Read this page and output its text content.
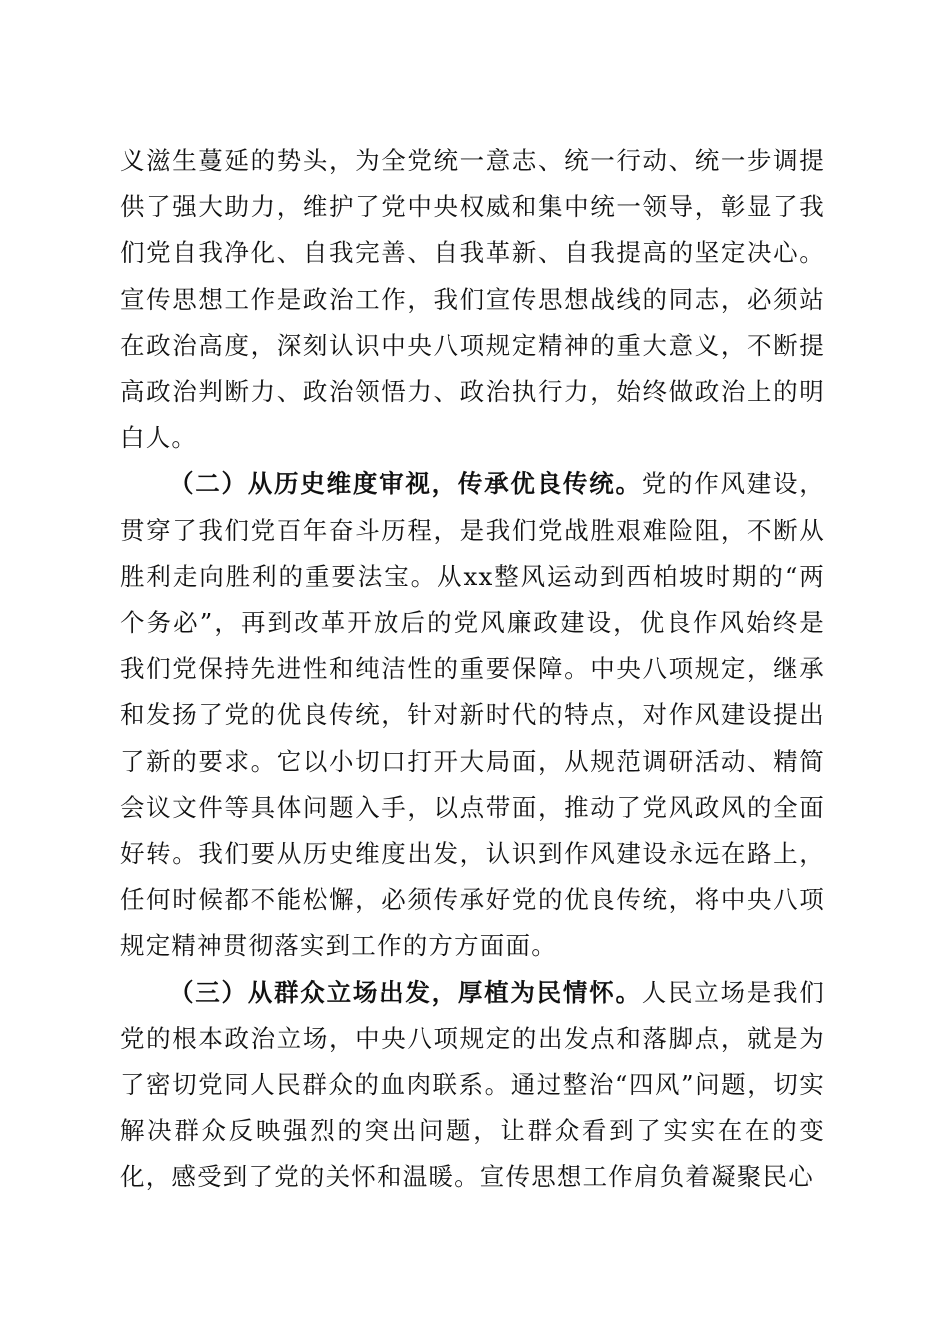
义滋生蔓延的势头，为全党统一意志、统一行动、统一步调提供了强大助力，维护了党中央权威和集中统一领导，彰显了我们党自我净化、自我完善、自我革新、自我提高的坚定决心。宣传思想工作是政治工作，我们宣传思想战线的同志，必须站在政治高度，深刻认识中央八项规定精神的重大意义，不断提高政治判断力、政治领悟力、政治执行力，始终做政治上的明白人。

（二）从历史维度审视，传承优良传统。党的作风建设，贯穿了我们党百年奋斗历程，是我们党战胜艰难险阻，不断从胜利走向胜利的重要法宝。从xx整风运动到西柏坡时期的“两个务必”，再到改革开放后的党风廉政建设，优良作风始终是我们党保持先进性和纯洁性的重要保障。中央八项规定，继承和发扬了党的优良传统，针对新时代的特点，对作风建设提出了新的要求。它以小切口打开大局面，从规范调研活动、精简会议文件等具体问题入手，以点带面，推动了党风政风的全面好转。我们要从历史维度出发，认识到作风建设永远在路上，任何时候都不能松懈，必须传承好党的优良传统，将中央八项规定精神贯彻落实到工作的方方面面。

（三）从群众立场出发，厚植为民情怀。人民立场是我们党的根本政治立场，中央八项规定的出发点和落脚点，就是为了密切党同人民群众的血肉联系。通过整治“四风”问题，切实解决群众反映强烈的突出问题，让群众看到了实实在在的变化，感受到了党的关怀和温暖。宣传思想工作肩负着凝聚民心
